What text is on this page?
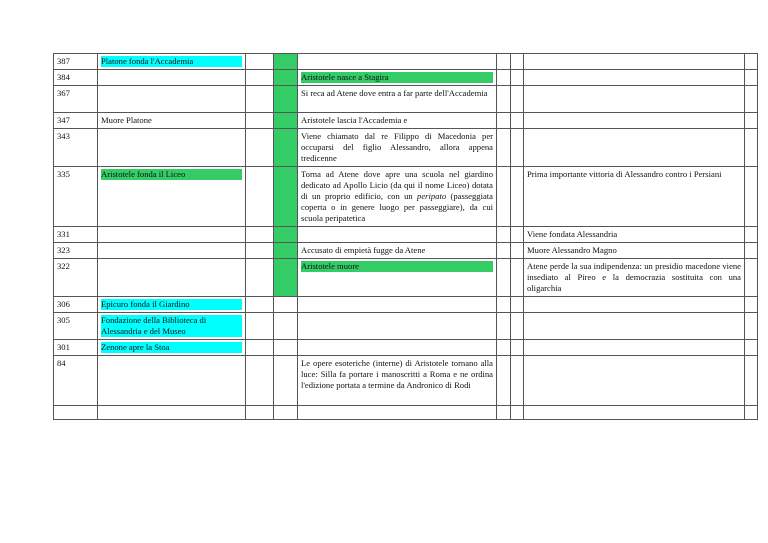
387	Platone fonda l'Accademia							

384				Aristotele nasce a Stagira				

367				Si reca ad Atene dove entra a far parte dell'Accademia				
347	Muore Platone			Aristotele lascia l'Accademia e				
343				Viene chiamato dal re Filippo di Macedonia per occuparsi del figlio Alessandro, allora appena tredicenne				
335	Aristotele fonda il Liceo			Torna ad Atene dove apre una scuola nel giardino dedicato ad Apollo Licio (da qui il nome Liceo) dotata di un proprio edificio, con un peripato (passeggiata coperta o in genere luogo per passeggiare), da cui scuola peripatetica			Prima importante vittoria di Alessandro contro i Persiani	
331							Viene fondata Alessandria	
323				Accusato di empietà fugge da Atene			Muore Alessandro Magno	
322				Aristotele muore			Atene perde la sua indipendenza: un presidio macedone viene insediato al Pireo e la democrazia sostituita con una oligarchia	
306	Epicuro fonda il Giardino							

305	Fondazione della Biblioteca di Alessandria e del Museo							

301	Zenone apre la Stoa							

84				Le opere esoteriche (interne) di Aristotele tornano alla luce: Silla fa portare i manoscritti a Roma e ne ordina l'edizione portata a termine da Andronico di Rodi				
